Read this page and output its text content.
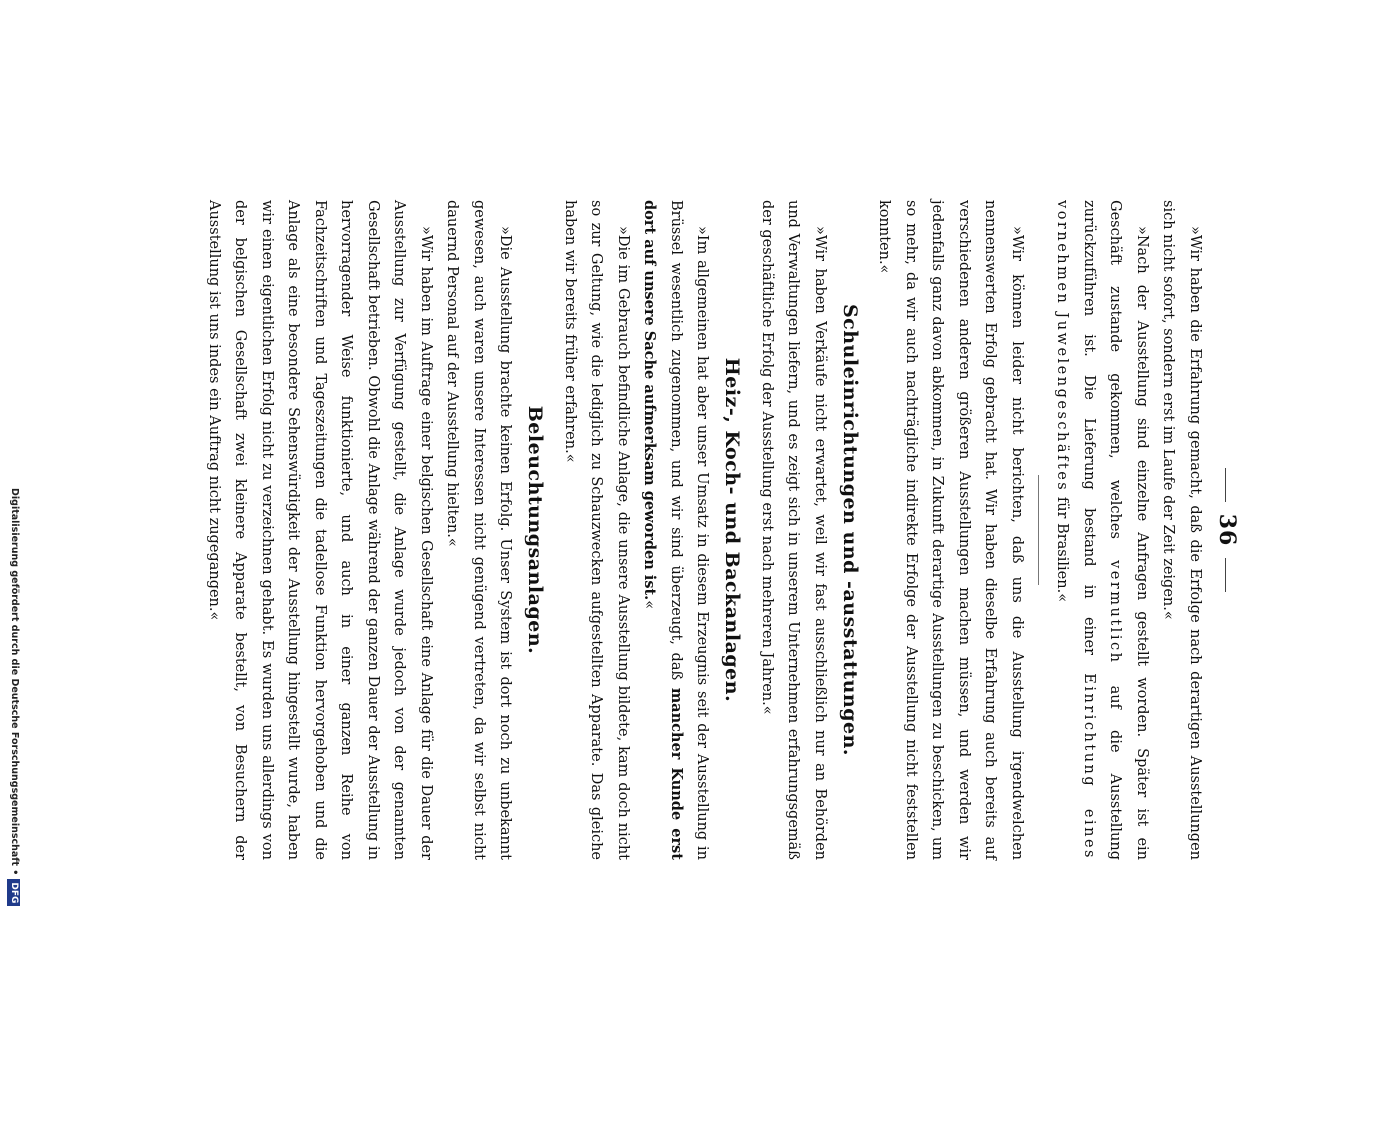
36

»Wir haben die Erfahrung gemacht, daß die Erfolge nach derartigen Ausstellungen sich nicht sofort, sondern erst im Laufe der Zeit zeigen.«

»Nach der Ausstellung sind einzelne Anfragen gestellt worden. Später ist ein Geschäft zustande gekommen, welches vermutlich auf die Ausstellung zurückzuführen ist. Die Lieferung bestand in einer Einrichtung eines vornehmen Juwelengeschäftes für Brasilien.«

»Wir können leider nicht berichten, daß uns die Ausstellung irgendwelchen nennenswerten Erfolg gebracht hat. Wir haben dieselbe Erfahrung auch bereits auf verschiedenen anderen größeren Ausstellungen machen müssen, und werden wir jedenfalls ganz davon abkommen, in Zukunft derartige Ausstellungen zu beschicken, um so mehr, da wir auch nachträgliche indirekte Erfolge der Ausstellung nicht feststellen konnten.«

Schuleinrichtungen und -ausstattungen.

»Wir haben Verkäufe nicht erwartet, weil wir fast ausschließlich nur an Behörden und Verwaltungen liefern, und es zeigt sich in unserem Unternehmen erfahrungsgemäß der geschäftliche Erfolg der Ausstellung erst nach mehreren Jahren.«

Heiz-, Koch- und Backanlagen.

»Im allgemeinen hat aber unser Umsatz in diesem Erzeugnis seit der Ausstellung in Brüssel wesentlich zugenommen, und wir sind überzeugt, daß mancher Kunde erst dort auf unsere Sache aufmerksam geworden ist.«

»Die im Gebrauch befindliche Anlage, die unsere Ausstellung bildete, kam doch nicht so zur Geltung, wie die lediglich zu Schauzwecken aufgestellten Apparate. Das gleiche haben wir bereits früher erfahren.«

Beleuchtungsanlagen.

»Die Ausstellung brachte keinen Erfolg. Unser System ist dort noch zu unbekannt gewesen, auch waren unsere Interessen nicht genügend vertreten, da wir selbst nicht dauernd Personal auf der Ausstellung hielten.«

»Wir haben im Auftrage einer belgischen Gesellschaft eine Anlage für die Dauer der Ausstellung zur Verfügung gestellt, die Anlage wurde jedoch von der genannten Gesellschaft betrieben. Obwohl die Anlage während der ganzen Dauer der Ausstellung in hervorragender Weise funktionierte, und auch in einer ganzen Reihe von Fachzeitschriften und Tageszeitungen die tadellose Funktion hervorgehoben und die Anlage als eine besondere Sehenswürdigkeit der Ausstellung hingestellt wurde, haben wir einen eigentlichen Erfolg nicht zu verzeichnen gehabt. Es wurden uns allerdings von der belgischen Gesellschaft zwei kleinere Apparate bestellt, von Besuchern der Ausstellung ist uns indes ein Auftrag nicht zugegangen.«

Digitalisierung gefördert durch die Deutsche Forschungsgemeinschaft •DFG
